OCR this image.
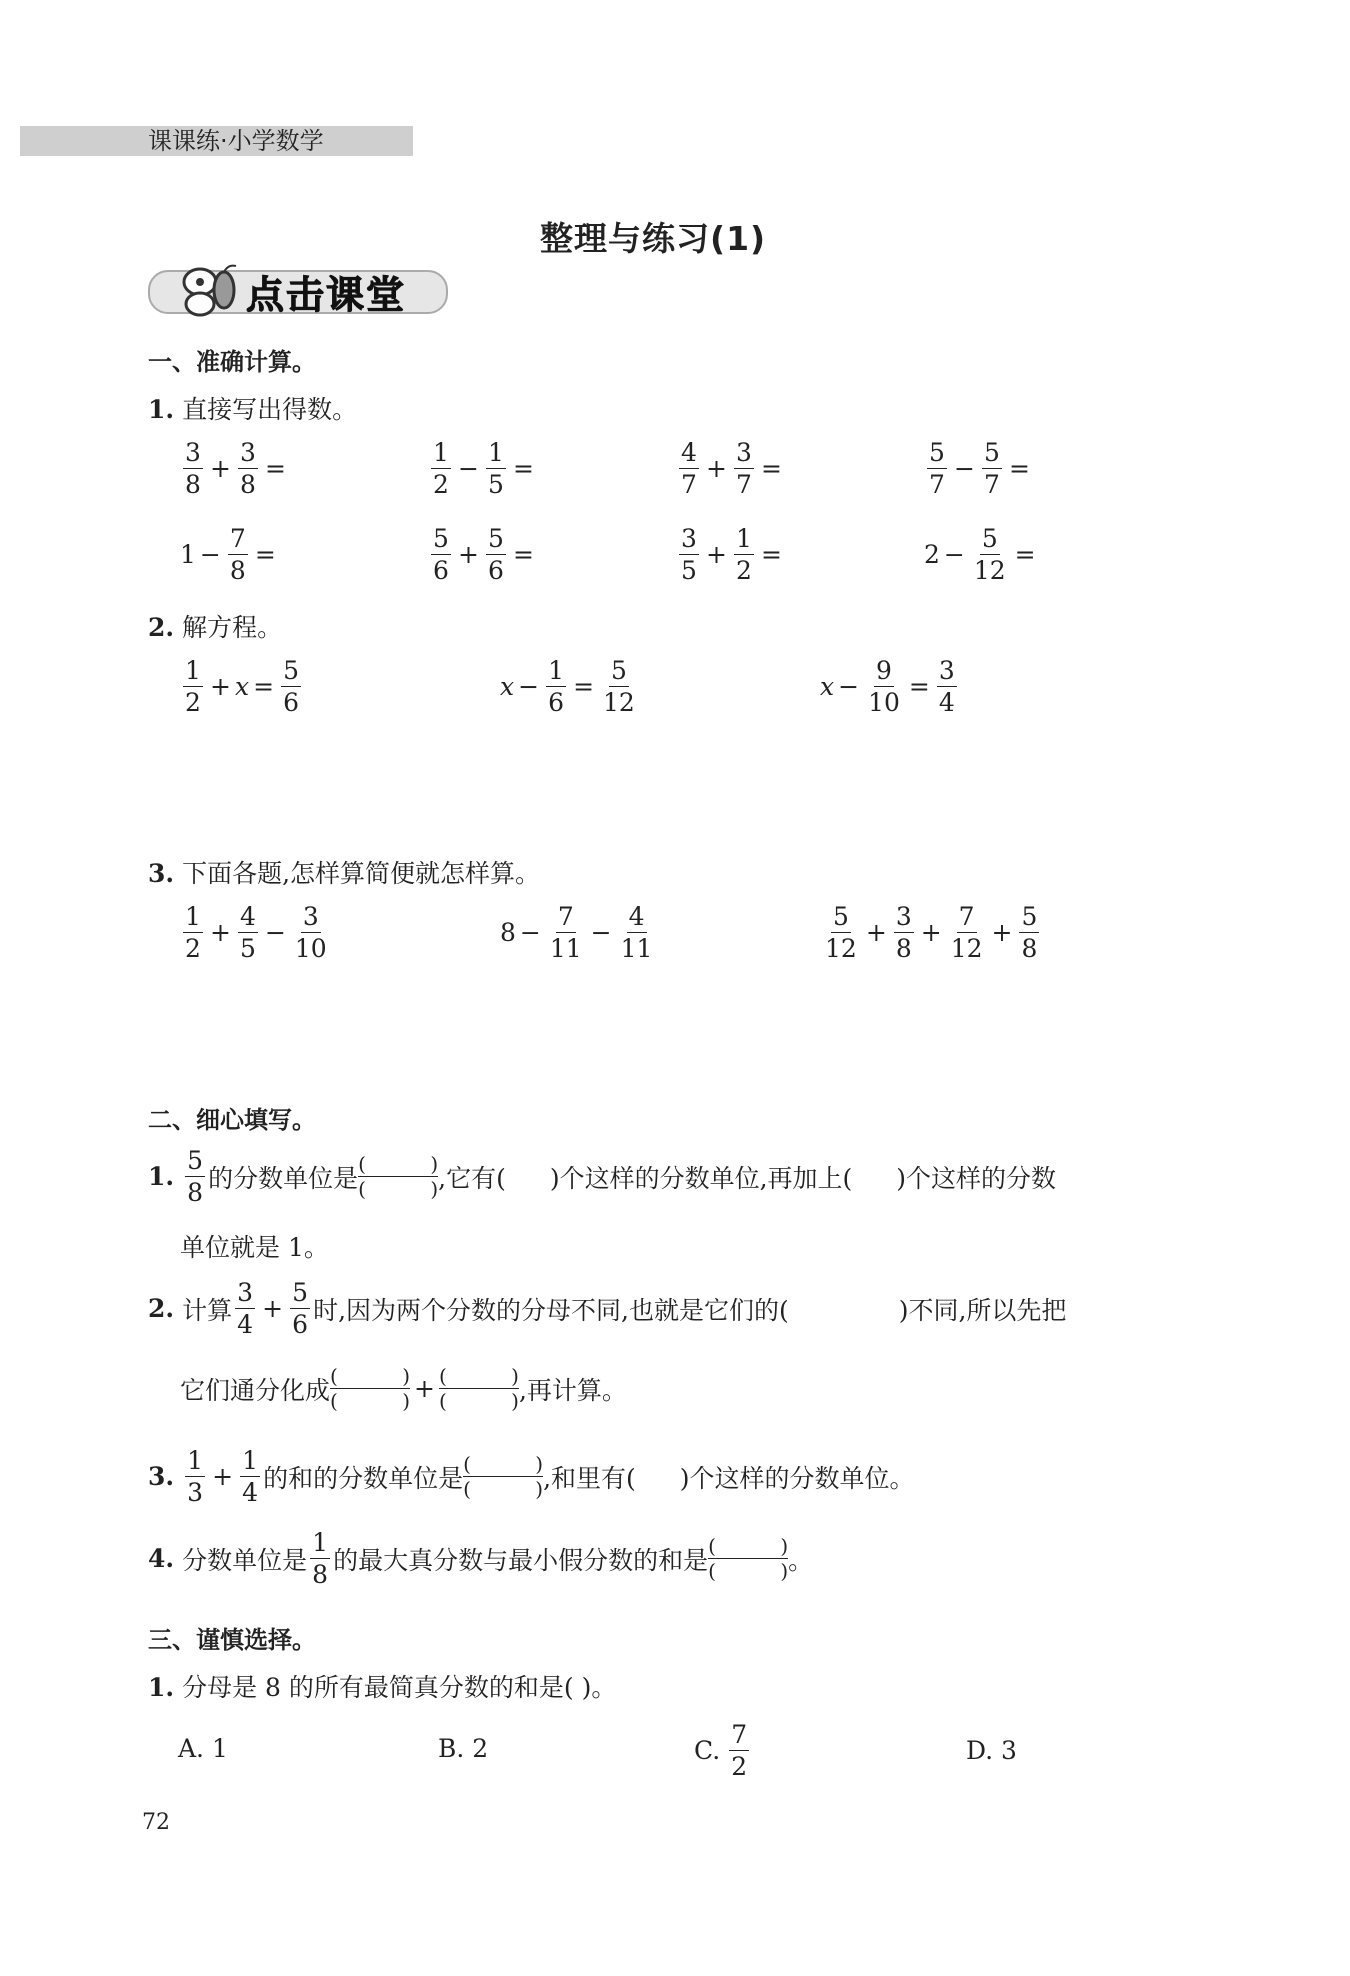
课课练·小学数学
整理与练习(1)
点击课堂
一、准确计算。
1. 直接写出得数。
$\frac{3}{8} + \frac{3}{8}$ =	$\frac{1}{2} - \frac{1}{5}$ =	$\frac{4}{7} + \frac{3}{7}$ =	$\frac{5}{7} - \frac{5}{7}$ =
$1 - \frac{7}{8}$ =	$\frac{5}{6} + \frac{5}{6}$ =	$\frac{3}{5} + \frac{1}{2}$ =	$2 - \frac{5}{12}$ =
2. 解方程。
$\frac{1}{2} + x = \frac{5}{6}$	$x - \frac{1}{6} = \frac{5}{12}$	$x - \frac{9}{10} = \frac{3}{4}$
3. 下面各题,怎样算简便就怎样算。
$\frac{1}{2} + \frac{4}{5} - \frac{3}{10}$	$8 - \frac{7}{11} - \frac{4}{11}$	$\frac{5}{12} + \frac{3}{8} + \frac{7}{12} + \frac{5}{8}$
二、细心填写。
1. $\frac{5}{8}$ 的分数单位是 (	)
(	) ,它有( )个这样的分数单位,再加上( )个这样的分数
单位就是 1。
2. 计算 $\frac{3}{4} + \frac{5}{6}$ 时,因为两个分数的分母不同,也就是它们的(	)不同,所以先把
它们通分化成 (	)
(	) + (	)
(	) ,再计算。
3. $\frac{1}{3} + \frac{1}{4}$ 的和的分数单位是 (	)
(	) ,和里有( )个这样的分数单位。
4. 分数单位是 $\frac{1}{8}$ 的最大真分数与最小假分数的和是 (	)
(	) 。
三、谨慎选择。
1. 分母是 8 的所有最简真分数的和是( )。
A. 1	B. 2	C. $\frac{7}{2}$	D. 3
72
